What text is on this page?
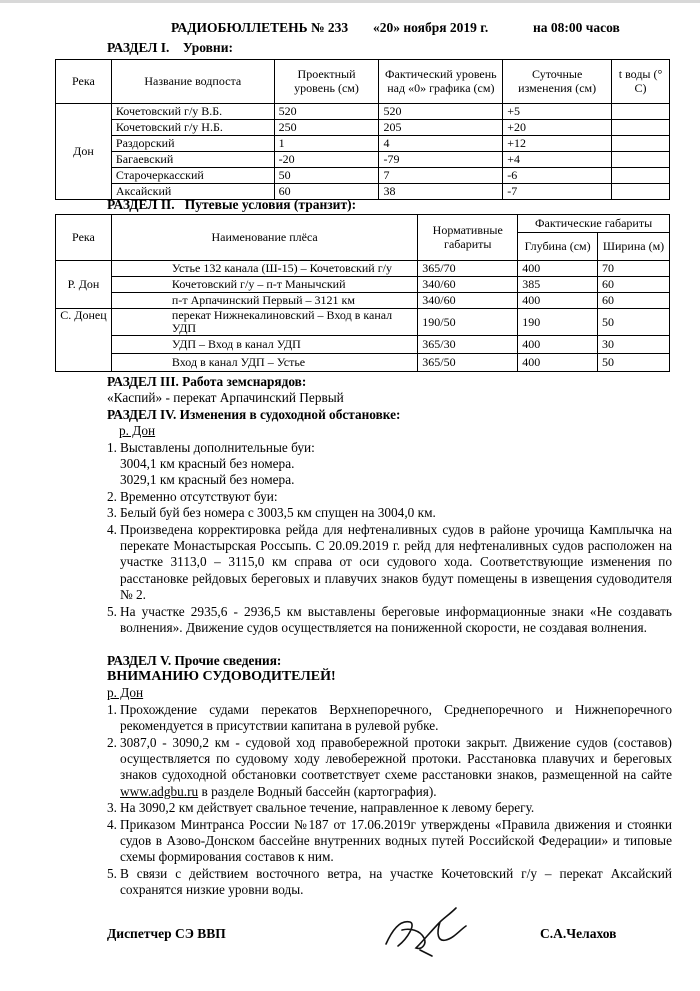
РАДИОБЮЛЛЕТЕНЬ № 233 «20» ноября 2019 г.	на 08:00 часов
РАЗДЕЛ I. Уровни:
Река	Название водпоста	Проектный уровень (см)	Фактический уровень над «0» графика (см)	Суточные изменения (см)	t воды (° С)
Дон	Кочетовский г/у В.Б.	520	520	+5	
	Кочетовский г/у Н.Б.	250	205	+20	
	Раздорский	1	4	+12	
	Багаевский	-20	-79	+4	
	Старочеркасский	50	7	-6	
	Аксайский	60	38	-7	
РАЗДЕЛ II. Путевые условия (транзит):
Река	Наименование плёса	Нормативные габариты	Фактические габариты	
			Глубина (см)	Ширина (м)
Р. Дон	Устье 132 канала (Ш-15) – Кочетовский г/у	365/70	400	70
	Кочетовский г/у – п-т Манычский	340/60	385	60
	п-т Арпачинский Первый – 3121 км	340/60	400	60
С. Донец	перекат Нижнекалиновский – Вход в канал УДП	190/50	190	50
	УДП – Вход в канал УДП	365/30	400	30
	Вход в канал УДП – Устье	365/50	400	50

РАЗДЕЛ III. Работа земснарядов:

«Каспий» - перекат Арпачинский Первый

РАЗДЕЛ IV. Изменения в судоходной обстановке:

р. Дон

1. Выставлены дополнительные буи:
3004,1 км красный без номера.
3029,1 км красный без номера.
2. Временно отсутствуют буи:
3. Белый буй без номера с 3003,5 км спущен на 3004,0 км.
4. Произведена корректировка рейда для нефтеналивных судов в районе урочища Камплычка на перекате Монастырская Россыпь. С 20.09.2019 г. рейд для нефтеналивных судов расположен на участке 3113,0 – 3115,0 км справа от оси судового хода. Соответствующие изменения по расстановке рейдовых береговых и плавучих знаков будут помещены в извещения судоводителя № 2.
5. На участке 2935,6 - 2936,5 км выставлены береговые информационные знаки «Не создавать волнения». Движение судов осуществляется на пониженной скорости, не создавая волнения.

РАЗДЕЛ V. Прочие сведения:

ВНИМАНИЮ СУДОВОДИТЕЛЕЙ!

р. Дон

1. Прохождение судами перекатов Верхнепоречного, Среднепоречного и Нижнепоречного рекомендуется в присутствии капитана в рулевой рубке.
2. 3087,0 - 3090,2 км - судовой ход правобережной протоки закрыт. Движение судов (составов) осуществляется по судовому ходу левобережной протоки. Расстановка плавучих и береговых знаков судоходной обстановки соответствует схеме расстановки знаков, размещенной на сайте www.adgbu.ru в разделе Водный бассейн (картография).
3. На 3090,2 км действует свальное течение, направленное к левому берегу.
4. Приказом Минтранса России №187 от 17.06.2019г утверждены «Правила движения и стоянки судов в Азово-Донском бассейне внутренних водных путей Российской Федерации» и типовые схемы формирования составов к ним.
5. В связи с действием восточного ветра, на участке Кочетовский г/у – перекат Аксайский сохранятся низкие уровни воды.
Диспетчер СЭ ВВП	С.А.Челахов
